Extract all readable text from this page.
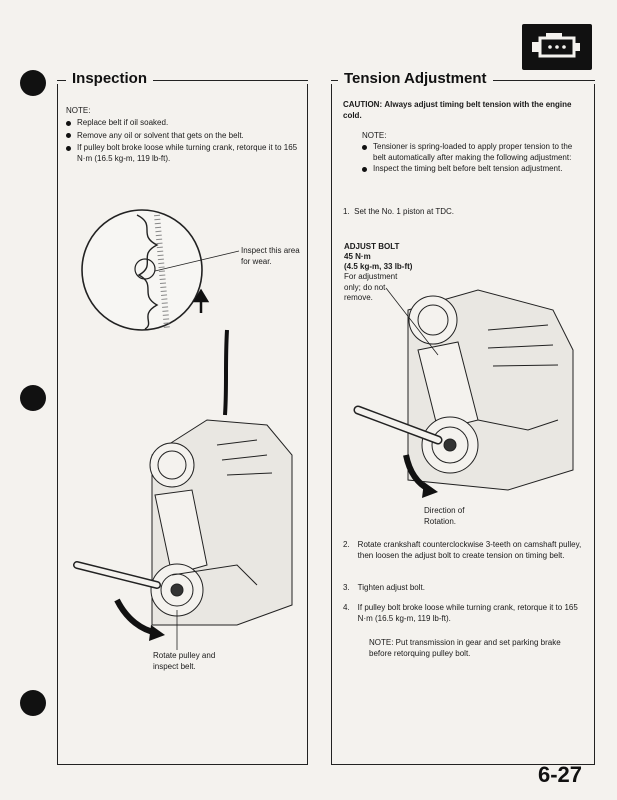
Inspection	Tension Adjustment
NOTE:
Replace belt if oil soaked.
Remove any oil or solvent that gets on the belt.
If pulley bolt broke loose while turning crank, retorque it to 165 N·m (16.5 kg-m, 119 lb-ft).
Inspect this area for wear.
Rotate pulley and inspect belt.
CAUTION: Always adjust timing belt tension with the engine cold.
NOTE:
Tensioner is spring-loaded to apply proper tension to the belt automatically after making the following adjustment:
Inspect the timing belt before belt tension adjustment.
1. Set the No. 1 piston at TDC.
ADJUST BOLT
45 N·m
(4.5 kg-m, 33 lb-ft)
For adjustment only; do not remove.
Direction of Rotation.
2. Rotate crankshaft counterclockwise 3-teeth on camshaft pulley, then loosen the adjust bolt to create tension on timing belt.
3. Tighten adjust bolt.
4. If pulley bolt broke loose while turning crank, retorque it to 165 N·m (16.5 kg-m, 119 lb-ft).
NOTE: Put transmission in gear and set parking brake before retorquing pulley bolt.
6-27
